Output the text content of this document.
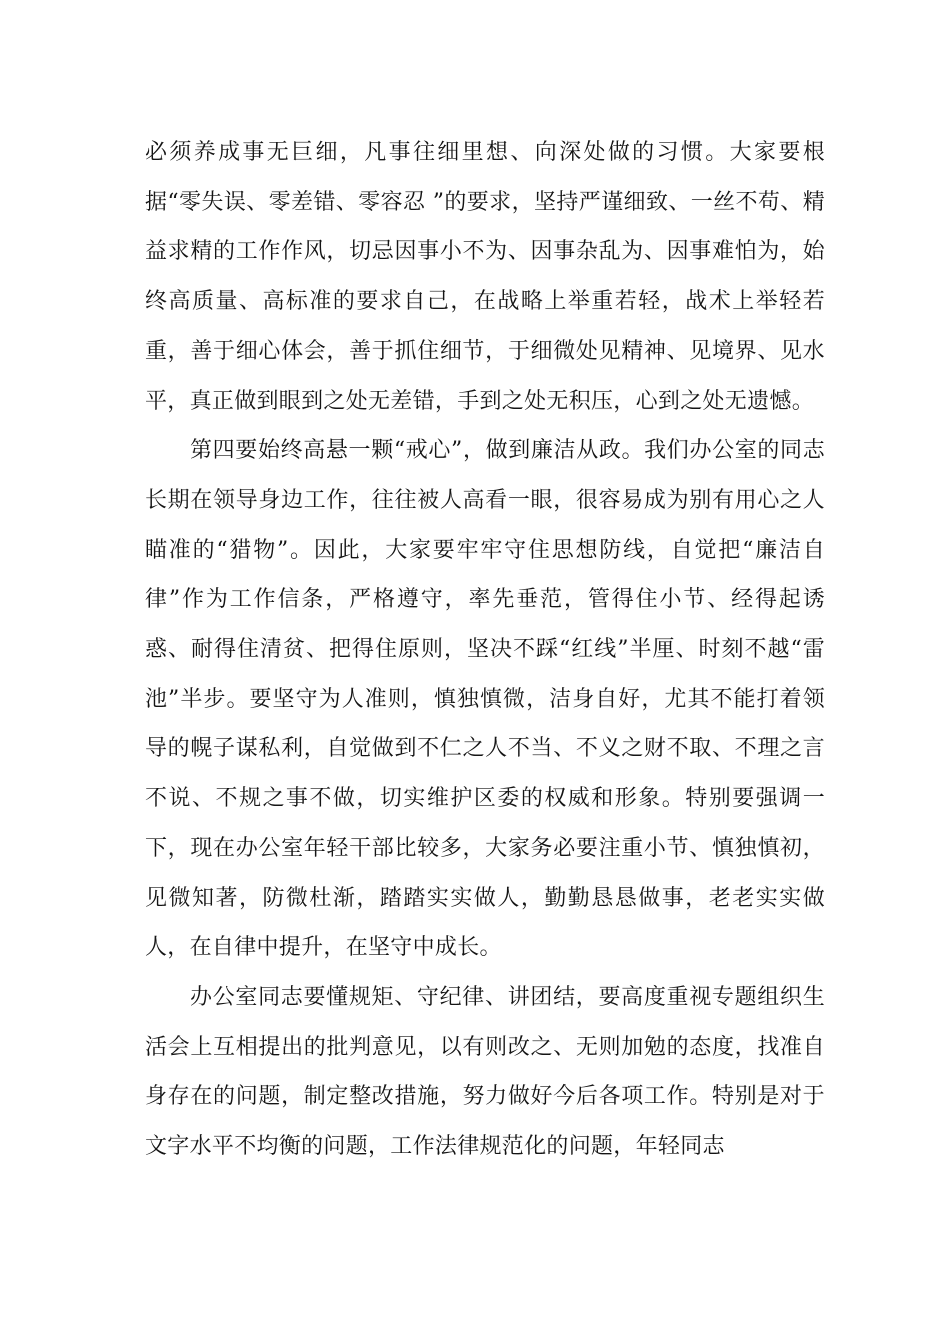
必须养成事无巨细，凡事往细里想、向深处做的习惯。大家要根据“零失误、零差错、零容忍 ”的要求，坚持严谨细致、一丝不苟、精益求精的工作作风，切忌因事小不为、因事杂乱为、因事难怕为，始终高质量、高标准的要求自己，在战略上举重若轻，战术上举轻若重，善于细心体会，善于抓住细节，于细微处见精神、见境界、见水平，真正做到眼到之处无差错，手到之处无积压，心到之处无遗憾。

第四要始终高悬一颗“戒心”，做到廉洁从政。我们办公室的同志长期在领导身边工作，往往被人高看一眼，很容易成为别有用心之人瞄准的“猎物”。因此，大家要牢牢守住思想防线，自觉把“廉洁自律”作为工作信条，严格遵守，率先垂范，管得住小节、经得起诱惑、耐得住清贫、把得住原则，坚决不踩“红线”半厘、时刻不越“雷池”半步。要坚守为人准则，慎独慎微，洁身自好，尤其不能打着领导的幌子谋私利，自觉做到不仁之人不当、不义之财不取、不理之言不说、不规之事不做，切实维护区委的权威和形象。特别要强调一下，现在办公室年轻干部比较多，大家务必要注重小节、慎独慎初，见微知著，防微杜渐，踏踏实实做人，勤勤恳恳做事，老老实实做人，在自律中提升，在坚守中成长。

办公室同志要懂规矩、守纪律、讲团结，要高度重视专题组织生活会上互相提出的批判意见，以有则改之、无则加勉的态度，找准自身存在的问题，制定整改措施，努力做好今后各项工作。特别是对于文字水平不均衡的问题，工作法律规范化的问题，年轻同志
